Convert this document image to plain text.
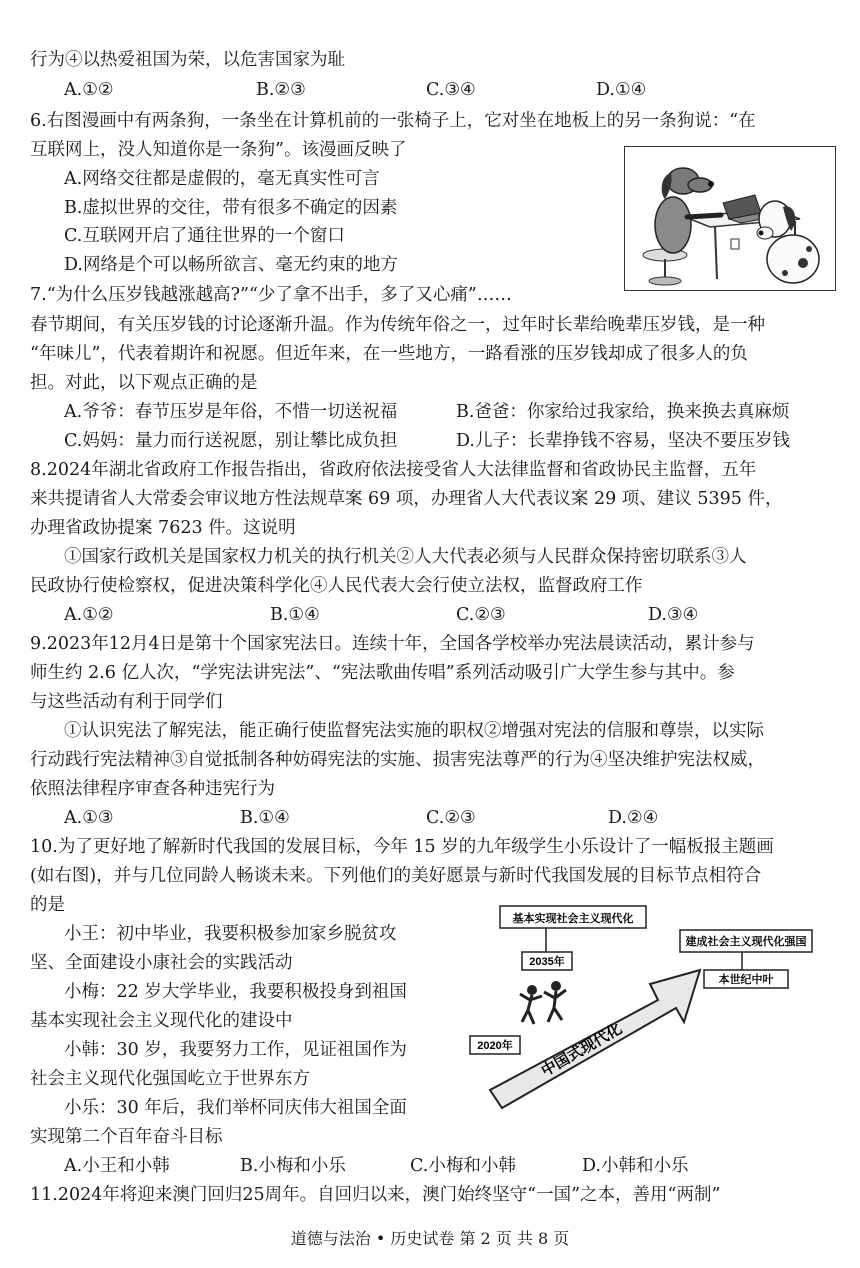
行为④以热爱祖国为荣，以危害国家为耻
A.①②	B.②③	C.③④	D.①④
6.右图漫画中有两条狗，一条坐在计算机前的一张椅子上，它对坐在地板上的另一条狗说：“在
互联网上，没人知道你是一条狗”。该漫画反映了
A.网络交往都是虚假的，毫无真实性可言
B.虚拟世界的交往，带有很多不确定的因素
C.互联网开启了通往世界的一个窗口
D.网络是个可以畅所欲言、毫无约束的地方
7.“为什么压岁钱越涨越高?”“少了拿不出手，多了又心痛”……
春节期间，有关压岁钱的讨论逐渐升温。作为传统年俗之一，过年时长辈给晚辈压岁钱，是一种
“年味儿”，代表着期许和祝愿。但近年来，在一些地方，一路看涨的压岁钱却成了很多人的负
担。对此，以下观点正确的是
A.爷爷：春节压岁是年俗，不惜一切送祝福	B.爸爸：你家给过我家给，换来换去真麻烦
C.妈妈：量力而行送祝愿，别让攀比成负担	D.儿子：长辈挣钱不容易，坚决不要压岁钱
8.2024年湖北省政府工作报告指出，省政府依法接受省人大法律监督和省政协民主监督，五年
来共提请省人大常委会审议地方性法规草案 69 项，办理省人大代表议案 29 项、建议 5395 件，
办理省政协提案 7623 件。这说明
①国家行政机关是国家权力机关的执行机关②人大代表必须与人民群众保持密切联系③人
民政协行使检察权，促进决策科学化④人民代表大会行使立法权，监督政府工作
A.①②	B.①④	C.②③	D.③④
9.2023年12月4日是第十个国家宪法日。连续十年，全国各学校举办宪法晨读活动，累计参与
师生约 2.6 亿人次，“学宪法讲宪法”、“宪法歌曲传唱”系列活动吸引广大学生参与其中。参
与这些活动有利于同学们
①认识宪法了解宪法，能正确行使监督宪法实施的职权②增强对宪法的信服和尊崇，以实际
行动践行宪法精神③自觉抵制各种妨碍宪法的实施、损害宪法尊严的行为④坚决维护宪法权威，
依照法律程序审查各种违宪行为
A.①③	B.①④	C.②③	D.②④
10.为了更好地了解新时代我国的发展目标，今年 15 岁的九年级学生小乐设计了一幅板报主题画
(如右图)，并与几位同龄人畅谈未来。下列他们的美好愿景与新时代我国发展的目标节点相符合
的是
小王：初中毕业，我要积极参加家乡脱贫攻
坚、全面建设小康社会的实践活动
小梅：22 岁大学毕业，我要积极投身到祖国
基本实现社会主义现代化的建设中
小韩：30 岁，我要努力工作，见证祖国作为
社会主义现代化强国屹立于世界东方
小乐：30 年后，我们举杯同庆伟大祖国全面
实现第二个百年奋斗目标
A.小王和小韩	B.小梅和小乐	C.小梅和小韩	D.小韩和小乐
基本实现社会主义现代化
2035年
建成社会主义现代化强国
本世纪中叶
2020年 中国式现代化
11.2024年将迎来澳门回归25周年。自回归以来，澳门始终坚守“一国”之本，善用“两制”
道德与法治 • 历史试卷 第 2 页 共 8 页
